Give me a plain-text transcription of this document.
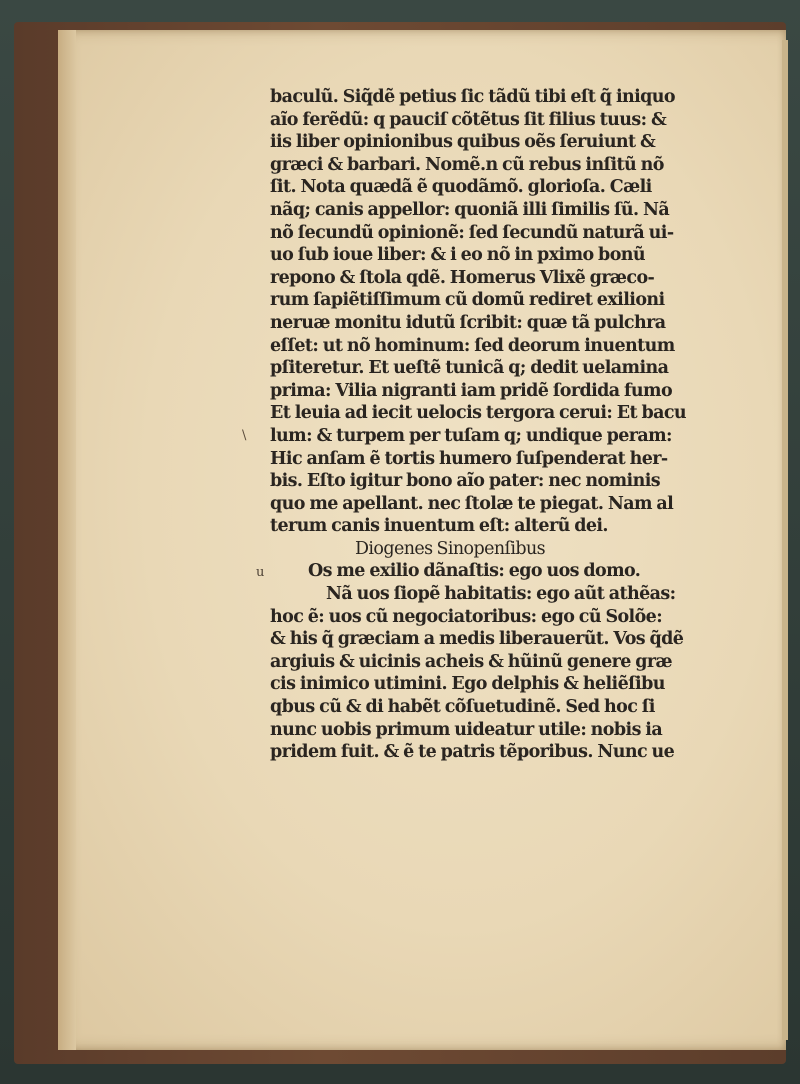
\
baculũ. Siq̃dẽ petius ſic tãdũ tibi eſt q̃ iniquo
aĩo ferẽdũ: q pauciſ cõtẽtus ſit filius tuus: &
iis liber opinionibus quibus oẽs ſeruiunt &
græci & barbari. Nomẽ.n cũ rebus inſitũ nõ
ſit. Nota quædã ẽ quodãmõ. glorioſa. Cæli
nãq; canis appellor: quoniã illi ſimilis ſũ. Nã
nõ ſecundũ opinionẽ: ſed ſecundũ naturã ui-
uo ſub ioue liber: & i eo nõ in pximo bonũ
repono & ſtola qdẽ. Homerus Vlixẽ græco-
rum ſapiẽtiſſimum cũ domũ rediret exilioni
neruæ monitu idutũ ſcribit: quæ tã pulchra
eſſet: ut nõ hominum: ſed deorum inuentum
pſiteretur. Et ueſtẽ tunicã q; dedit uelamina
prima: Vilia nigranti iam pridẽ ſordida fumo
Et leuia ad iecit uelocis tergora cerui: Et bacu
lum: & turpem per tuſam q; undique peram:
Hic anſam ẽ tortis humero ſuſpenderat her-
bis. Eſto igitur bono aĩo pater: nec nominis
quo me apellant. nec ſtolæ te piegat. Nam al
terum canis inuentum eſt: alterũ dei.
Diogenes Sinopenſibus
u	Os me exilio dãnaſtis: ego uos domo.
Nã uos ſiopẽ habitatis: ego aũt athẽas:
hoc ẽ: uos cũ negociatoribus: ego cũ Solõe:
& his q̃ græciam a medis liberauerũt. Vos q̃dẽ
argiuis & uicinis acheis & hũinũ genere græ
cis inimico utimini. Ego delphis & heliẽſibu
qbus cũ & di habẽt cõſuetudinẽ. Sed hoc ſi
nunc uobis primum uideatur utile: nobis ia
pridem fuit. & ẽ te patris tẽporibus. Nunc ue
